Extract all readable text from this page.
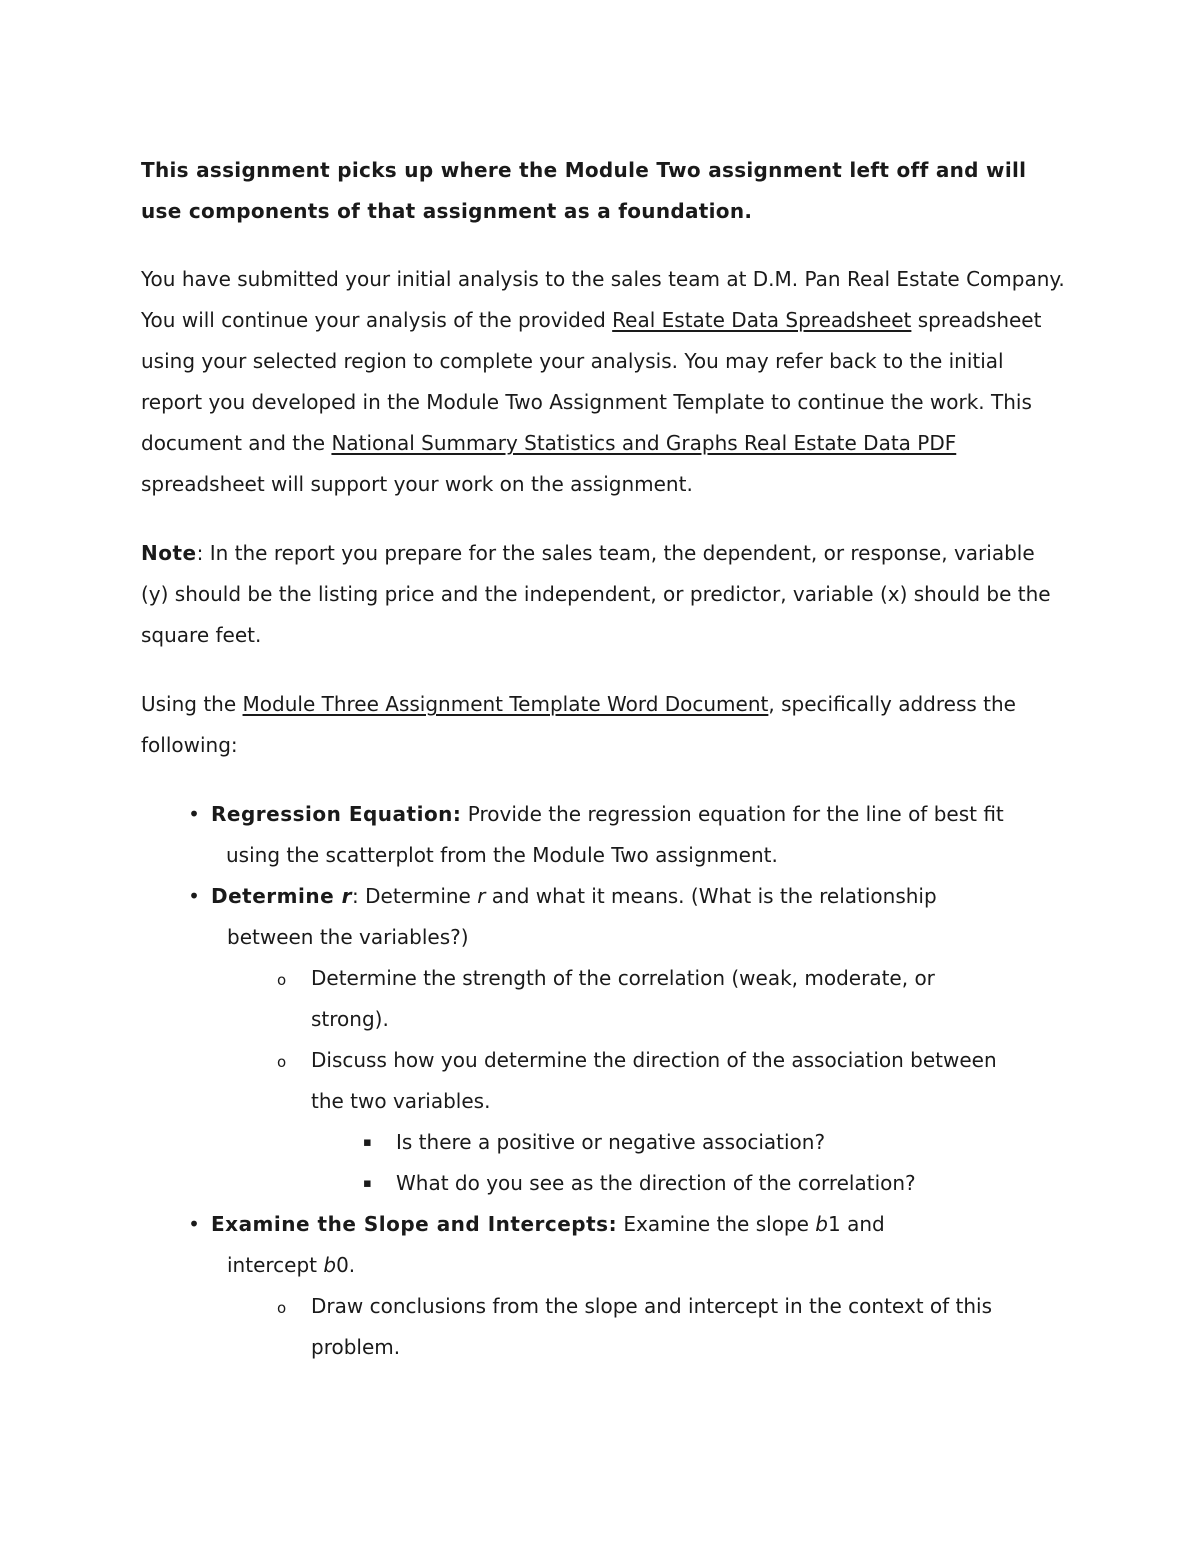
This assignment picks up where the Module Two assignment left off and will use components of that assignment as a foundation.

You have submitted your initial analysis to the sales team at D.M. Pan Real Estate Company. You will continue your analysis of the provided Real Estate Data Spreadsheet spreadsheet using your selected region to complete your analysis. You may refer back to the initial report you developed in the Module Two Assignment Template to continue the work. This document and the National Summary Statistics and Graphs Real Estate Data PDF spreadsheet will support your work on the assignment.

Note: In the report you prepare for the sales team, the dependent, or response, variable (y) should be the listing price and the independent, or predictor, variable (x) should be the square feet.

Using the Module Three Assignment Template Word Document, specifically address the following:

• Regression Equation: Provide the regression equation for the line of best fit
using the scatterplot from the Module Two assignment.
• Determine r: Determine r and what it means. (What is the relationship
between the variables?)
o Determine the strength of the correlation (weak, moderate, or
strong).
o Discuss how you determine the direction of the association between
the two variables.
▪ Is there a positive or negative association?
▪ What do you see as the direction of the correlation?
• Examine the Slope and Intercepts: Examine the slope b1 and
intercept b0.
o Draw conclusions from the slope and intercept in the context of this
problem.
